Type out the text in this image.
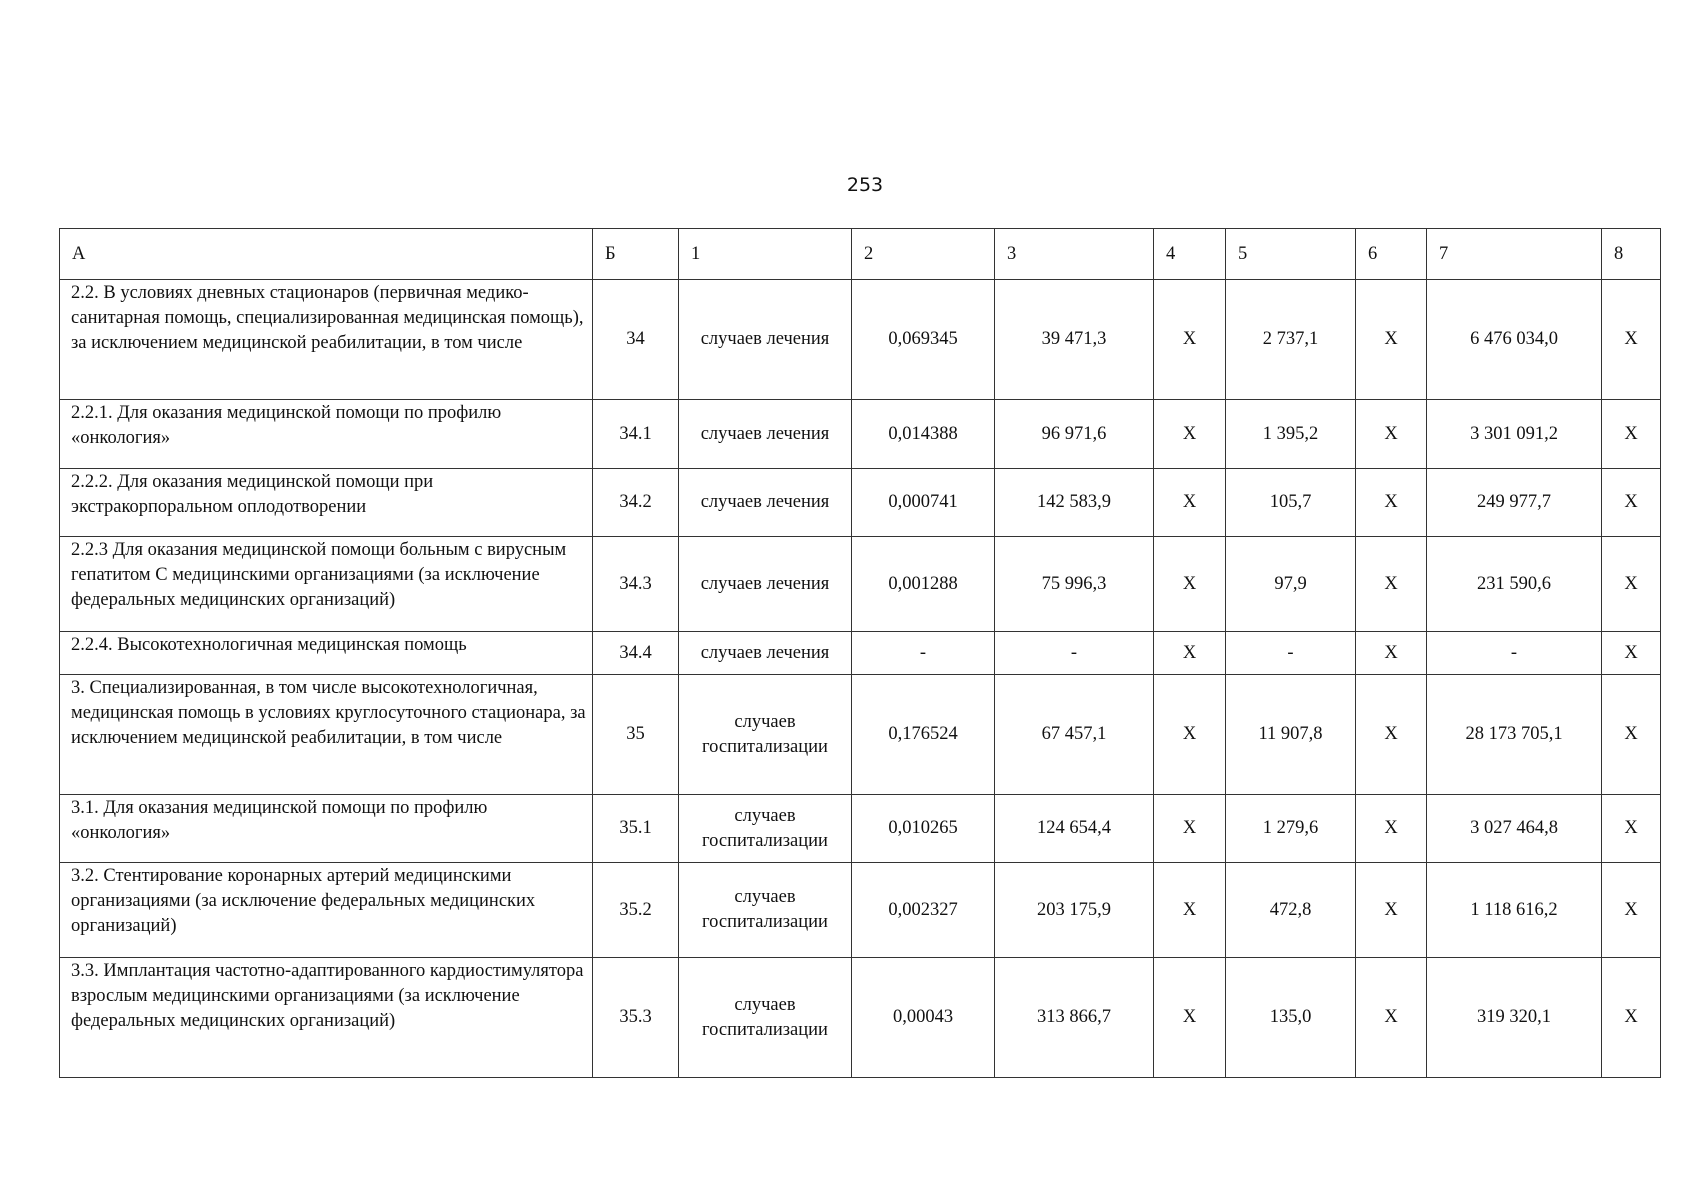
253
А	Б	1	2	3	4	5	6	7	8
2.2. В условиях дневных стационаров (первичная медико-санитарная помощь, специализированная медицинская помощь), за исключением медицинской реабилитации, в том числе	34	случаев лечения	0,069345	39 471,3	Х	2 737,1	Х	6 476 034,0	Х
2.2.1. Для оказания медицинской помощи по профилю «онкология»	34.1	случаев лечения	0,014388	96 971,6	Х	1 395,2	Х	3 301 091,2	Х
2.2.2. Для оказания медицинской помощи при экстракорпоральном оплодотворении	34.2	случаев лечения	0,000741	142 583,9	Х	105,7	Х	249 977,7	Х
2.2.3 Для оказания медицинской помощи больным с вирусным гепатитом С медицинскими организациями (за исключение федеральных медицинских организаций)	34.3	случаев лечения	0,001288	75 996,3	Х	97,9	Х	231 590,6	Х
2.2.4. Высокотехнологичная медицинская помощь	34.4	случаев лечения	-	-	Х	-	Х	-	Х
3. Специализированная, в том числе высокотехнологичная, медицинская помощь в условиях круглосуточного стационара, за исключением медицинской реабилитации, в том числе	35	случаев госпитализации	0,176524	67 457,1	Х	11 907,8	Х	28 173 705,1	Х
3.1. Для оказания медицинской помощи по профилю «онкология»	35.1	случаев госпитализации	0,010265	124 654,4	Х	1 279,6	Х	3 027 464,8	Х
3.2. Стентирование коронарных артерий медицинскими организациями (за исключение федеральных медицинских организаций)	35.2	случаев госпитализации	0,002327	203 175,9	Х	472,8	Х	1 118 616,2	Х
3.3. Имплантация частотно-адаптированного кардиостимулятора взрослым медицинскими организациями (за исключение федеральных медицинских организаций)	35.3	случаев госпитализации	0,00043	313 866,7	Х	135,0	Х	319 320,1	Х
